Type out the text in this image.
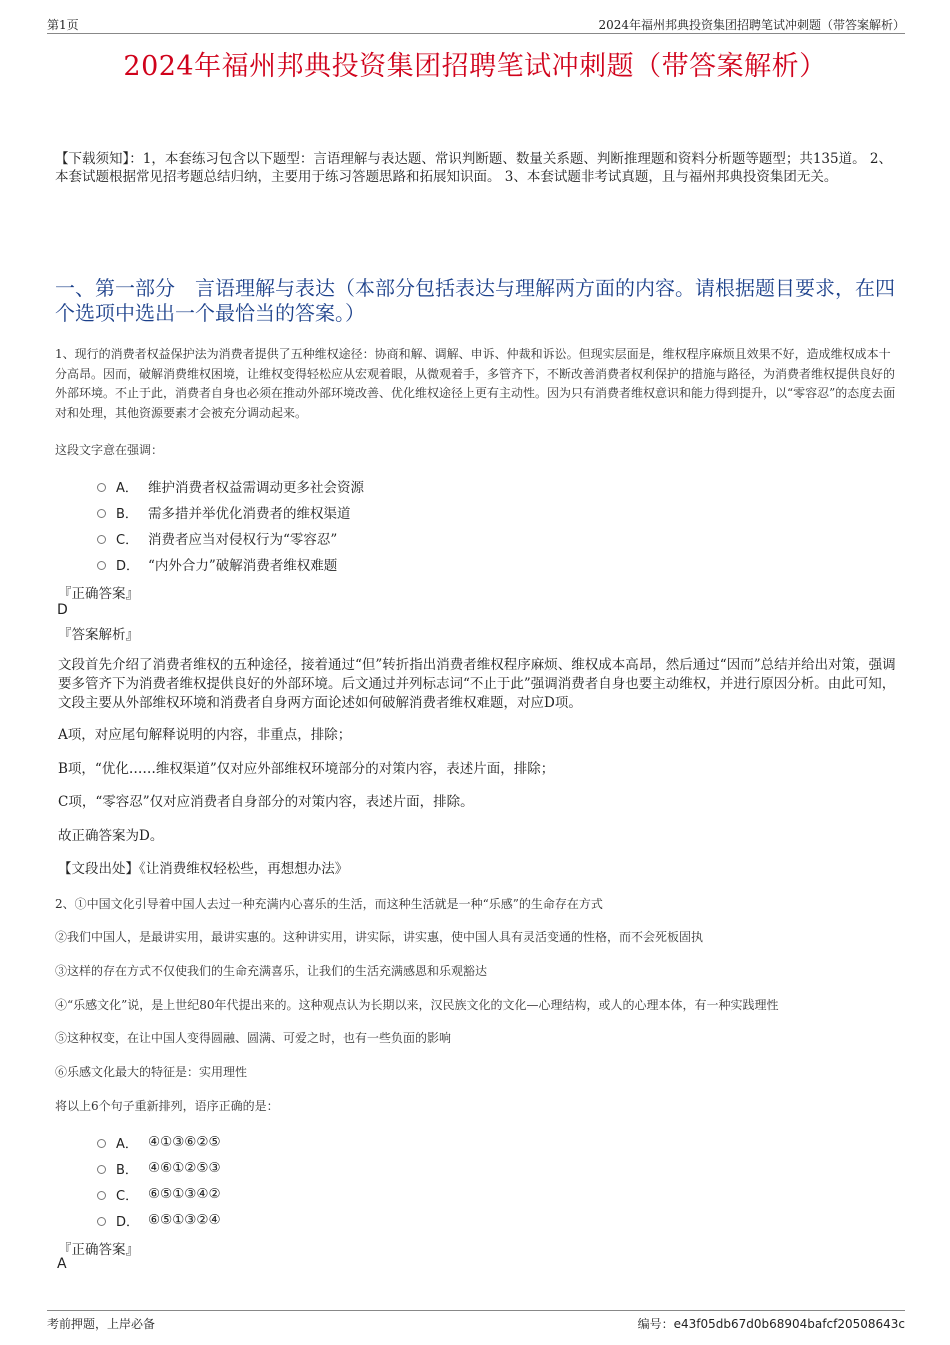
第1页	2024年福州邦典投资集团招聘笔试冲刺题（带答案解析）
2024年福州邦典投资集团招聘笔试冲刺题（带答案解析）
【下载须知】：1，本套练习包含以下题型：言语理解与表达题、常识判断题、数量关系题、判断推理题和资料分析题等题型；共135道。 2、本套试题根据常见招考题总结归纳，主要用于练习答题思路和拓展知识面。 3、本套试题非考试真题，且与福州邦典投资集团无关。
一、第一部分　言语理解与表达（本部分包括表达与理解两方面的内容。请根据题目要求，在四个选项中选出一个最恰当的答案。）
1、现行的消费者权益保护法为消费者提供了五种维权途径：协商和解、调解、申诉、仲裁和诉讼。但现实层面是，维权程序麻烦且效果不好，造成维权成本十分高昂。因而，破解消费维权困境，让维权变得轻松应从宏观着眼，从微观着手，多管齐下，不断改善消费者权利保护的措施与路径，为消费者维权提供良好的外部环境。不止于此，消费者自身也必须在推动外部环境改善、优化维权途径上更有主动性。因为只有消费者维权意识和能力得到提升，以“零容忍”的态度去面对和处理，其他资源要素才会被充分调动起来。
这段文字意在强调：
A． 维护消费者权益需调动更多社会资源
B． 需多措并举优化消费者的维权渠道
C． 消费者应当对侵权行为“零容忍”
D． “内外合力”破解消费者维权难题
『正确答案』
D
『答案解析』
文段首先介绍了消费者维权的五种途径，接着通过“但”转折指出消费者维权程序麻烦、维权成本高昂，然后通过“因而”总结并给出对策，强调要多管齐下为消费者维权提供良好的外部环境。后文通过并列标志词“不止于此”强调消费者自身也要主动维权，并进行原因分析。由此可知，文段主要从外部维权环境和消费者自身两方面论述如何破解消费者维权难题，对应D项。
A项，对应尾句解释说明的内容，非重点，排除；
B项，“优化……维权渠道”仅对应外部维权环境部分的对策内容，表述片面，排除；
C项，“零容忍”仅对应消费者自身部分的对策内容，表述片面，排除。
故正确答案为D。
【文段出处】《让消费维权轻松些，再想想办法》
2、①中国文化引导着中国人去过一种充满内心喜乐的生活，而这种生活就是一种“乐感”的生命存在方式
②我们中国人，是最讲实用，最讲实惠的。这种讲实用，讲实际，讲实惠，使中国人具有灵活变通的性格，而不会死板固执
③这样的存在方式不仅使我们的生命充满喜乐，让我们的生活充满感恩和乐观豁达
④“乐感文化”说，是上世纪80年代提出来的。这种观点认为长期以来，汉民族文化的文化—心理结构，或人的心理本体，有一种实践理性
⑤这种权变，在让中国人变得圆融、圆满、可爱之时，也有一些负面的影响
⑥乐感文化最大的特征是：实用理性
将以上6个句子重新排列，语序正确的是：
A． ④①③⑥②⑤
B． ④⑥①②⑤③
C． ⑥⑤①③④②
D． ⑥⑤①③②④
『正确答案』
A
考前押题，上岸必备	编号：e43f05db67d0b68904bafcf20508643c
